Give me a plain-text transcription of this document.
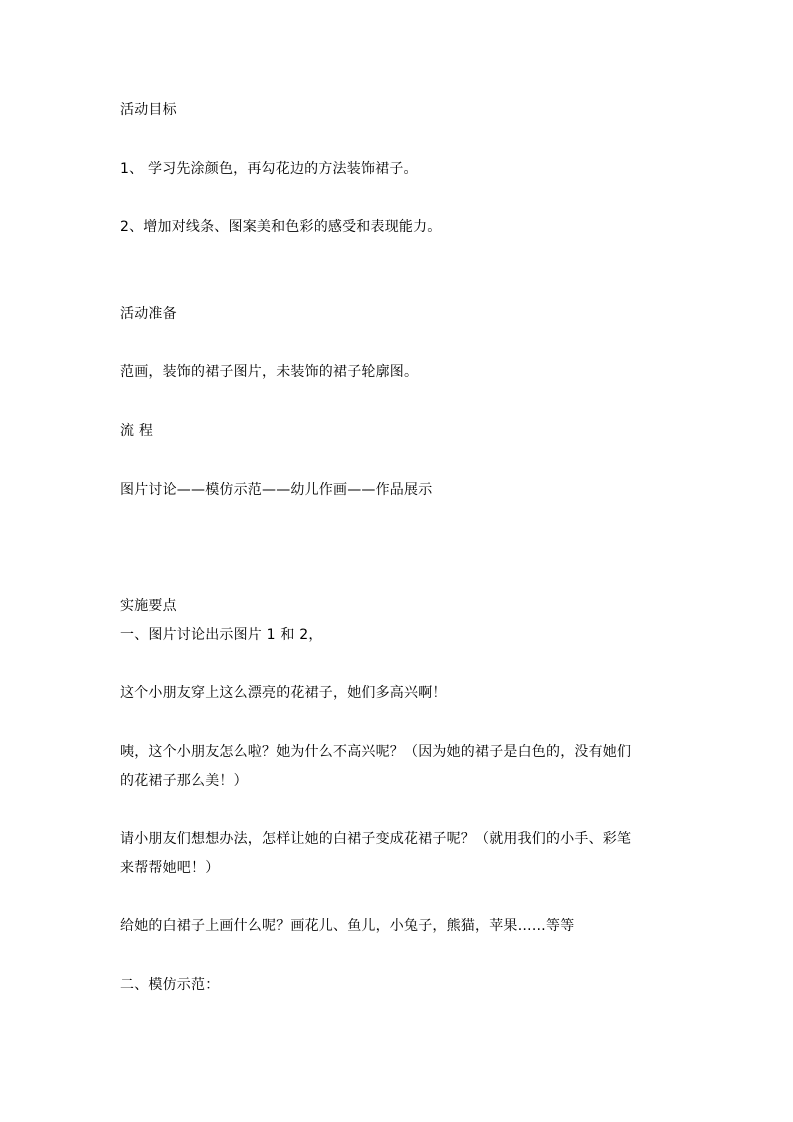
活动目标
1、 学习先涂颜色，再勾花边的方法装饰裙子。
2、增加对线条、图案美和色彩的感受和表现能力。
活动准备
范画，装饰的裙子图片，未装饰的裙子轮廓图。
流 程
图片讨论——模仿示范——幼儿作画——作品展示
实施要点
一、图片讨论出示图片 1 和 2，
这个小朋友穿上这么漂亮的花裙子，她们多高兴啊！
咦，这个小朋友怎么啦？她为什么不高兴呢？（因为她的裙子是白色的，没有她们
的花裙子那么美！）
请小朋友们想想办法，怎样让她的白裙子变成花裙子呢？（就用我们的小手、彩笔
来帮帮她吧！）
给她的白裙子上画什么呢？画花儿、鱼儿，小兔子，熊猫，苹果……等等
二、模仿示范：
